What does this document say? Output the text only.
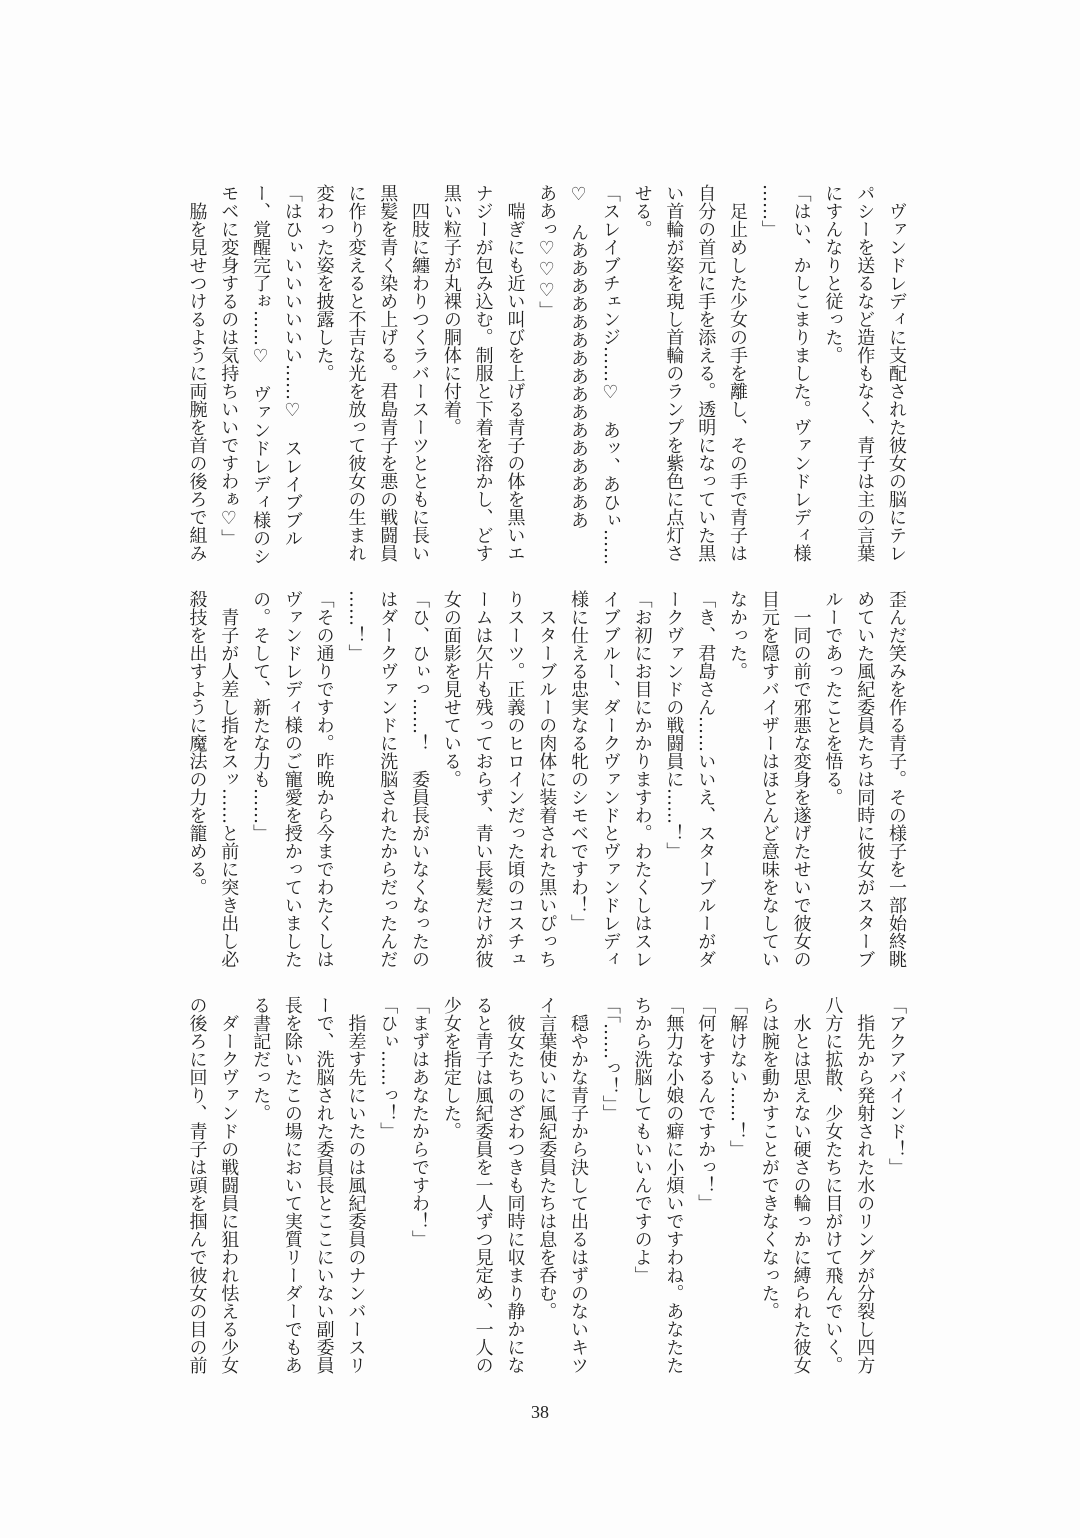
　ヴァンドレディに支配された彼女の脳にテレ
パシーを送るなど造作もなく、青子は主の言葉
にすんなりと従った。
「はい、かしこまりました。ヴァンドレディ様
……」
　足止めした少女の手を離し、その手で青子は
自分の首元に手を添える。透明になっていた黒
い首輪が姿を現し首輪のランプを紫色に点灯さ
せる。
「スレイブチェンジ……♡　あッ、あひぃ……
♡　んああああああああああああああああ
ああっ♡♡♡」
　喘ぎにも近い叫びを上げる青子の体を黒いエ
ナジーが包み込む。制服と下着を溶かし、どす
黒い粒子が丸裸の胴体に付着。
　四肢に纏わりつくラバースーツとともに長い
黒髪を青く染め上げる。君島青子を悪の戦闘員
に作り変えると不吉な光を放って彼女の生まれ
変わった姿を披露した。
「はひぃいいいいいい……♡　スレイブブル
ー、覚醒完了ぉ……♡　ヴァンドレディ様のシ
モベに変身するのは気持ちいいですわぁ♡」
　脇を見せつけるように両腕を首の後ろで組み
歪んだ笑みを作る青子。その様子を一部始終眺
めていた風紀委員たちは同時に彼女がスターブ
ルーであったことを悟る。
　一同の前で邪悪な変身を遂げたせいで彼女の
目元を隠すバイザーはほとんど意味をなしてい
なかった。
「き、君島さん……いいえ、スターブルーがダ
ークヴァンドの戦闘員に……！」
「お初にお目にかかりますわ。わたくしはスレ
イブブルー、ダークヴァンドとヴァンドレディ
様に仕える忠実なる牝のシモベですわ！」
　スターブルーの肉体に装着された黒いぴっち
りスーツ。正義のヒロインだった頃のコスチュ
ームは欠片も残っておらず、青い長髪だけが彼
女の面影を見せている。
「ひ、ひぃっ……！　委員長がいなくなったの
はダークヴァンドに洗脳されたからだったんだ
……！」
「その通りですわ。昨晩から今までわたくしは
ヴァンドレディ様のご寵愛を授かっていました
の。そして、新たな力も……」
　青子が人差し指をスッ……と前に突き出し必
殺技を出すように魔法の力を籠める。
「アクアバインド！」
　指先から発射された水のリングが分裂し四方
八方に拡散、少女たちに目がけて飛んでいく。
　水とは思えない硬さの輪っかに縛られた彼女
らは腕を動かすことができなくなった。
「解けない……！」
「何をするんですかっ！」
「無力な小娘の癖に小煩いですわね。あなたた
ちから洗脳してもいいんですのよ」
「「……っ！」」
　穏やかな青子から決して出るはずのないキツ
イ言葉使いに風紀委員たちは息を呑む。
　彼女たちのざわつきも同時に収まり静かにな
ると青子は風紀委員を一人ずつ見定め、一人の
少女を指定した。
「まずはあなたからですわ！」
「ひぃ……っ！」
　指差す先にいたのは風紀委員のナンバースリ
ーで、洗脳された委員長とここにいない副委員
長を除いたこの場において実質リーダーでもあ
る書記だった。
　ダークヴァンドの戦闘員に狙われ怯える少女
の後ろに回り、青子は頭を掴んで彼女の目の前
38
